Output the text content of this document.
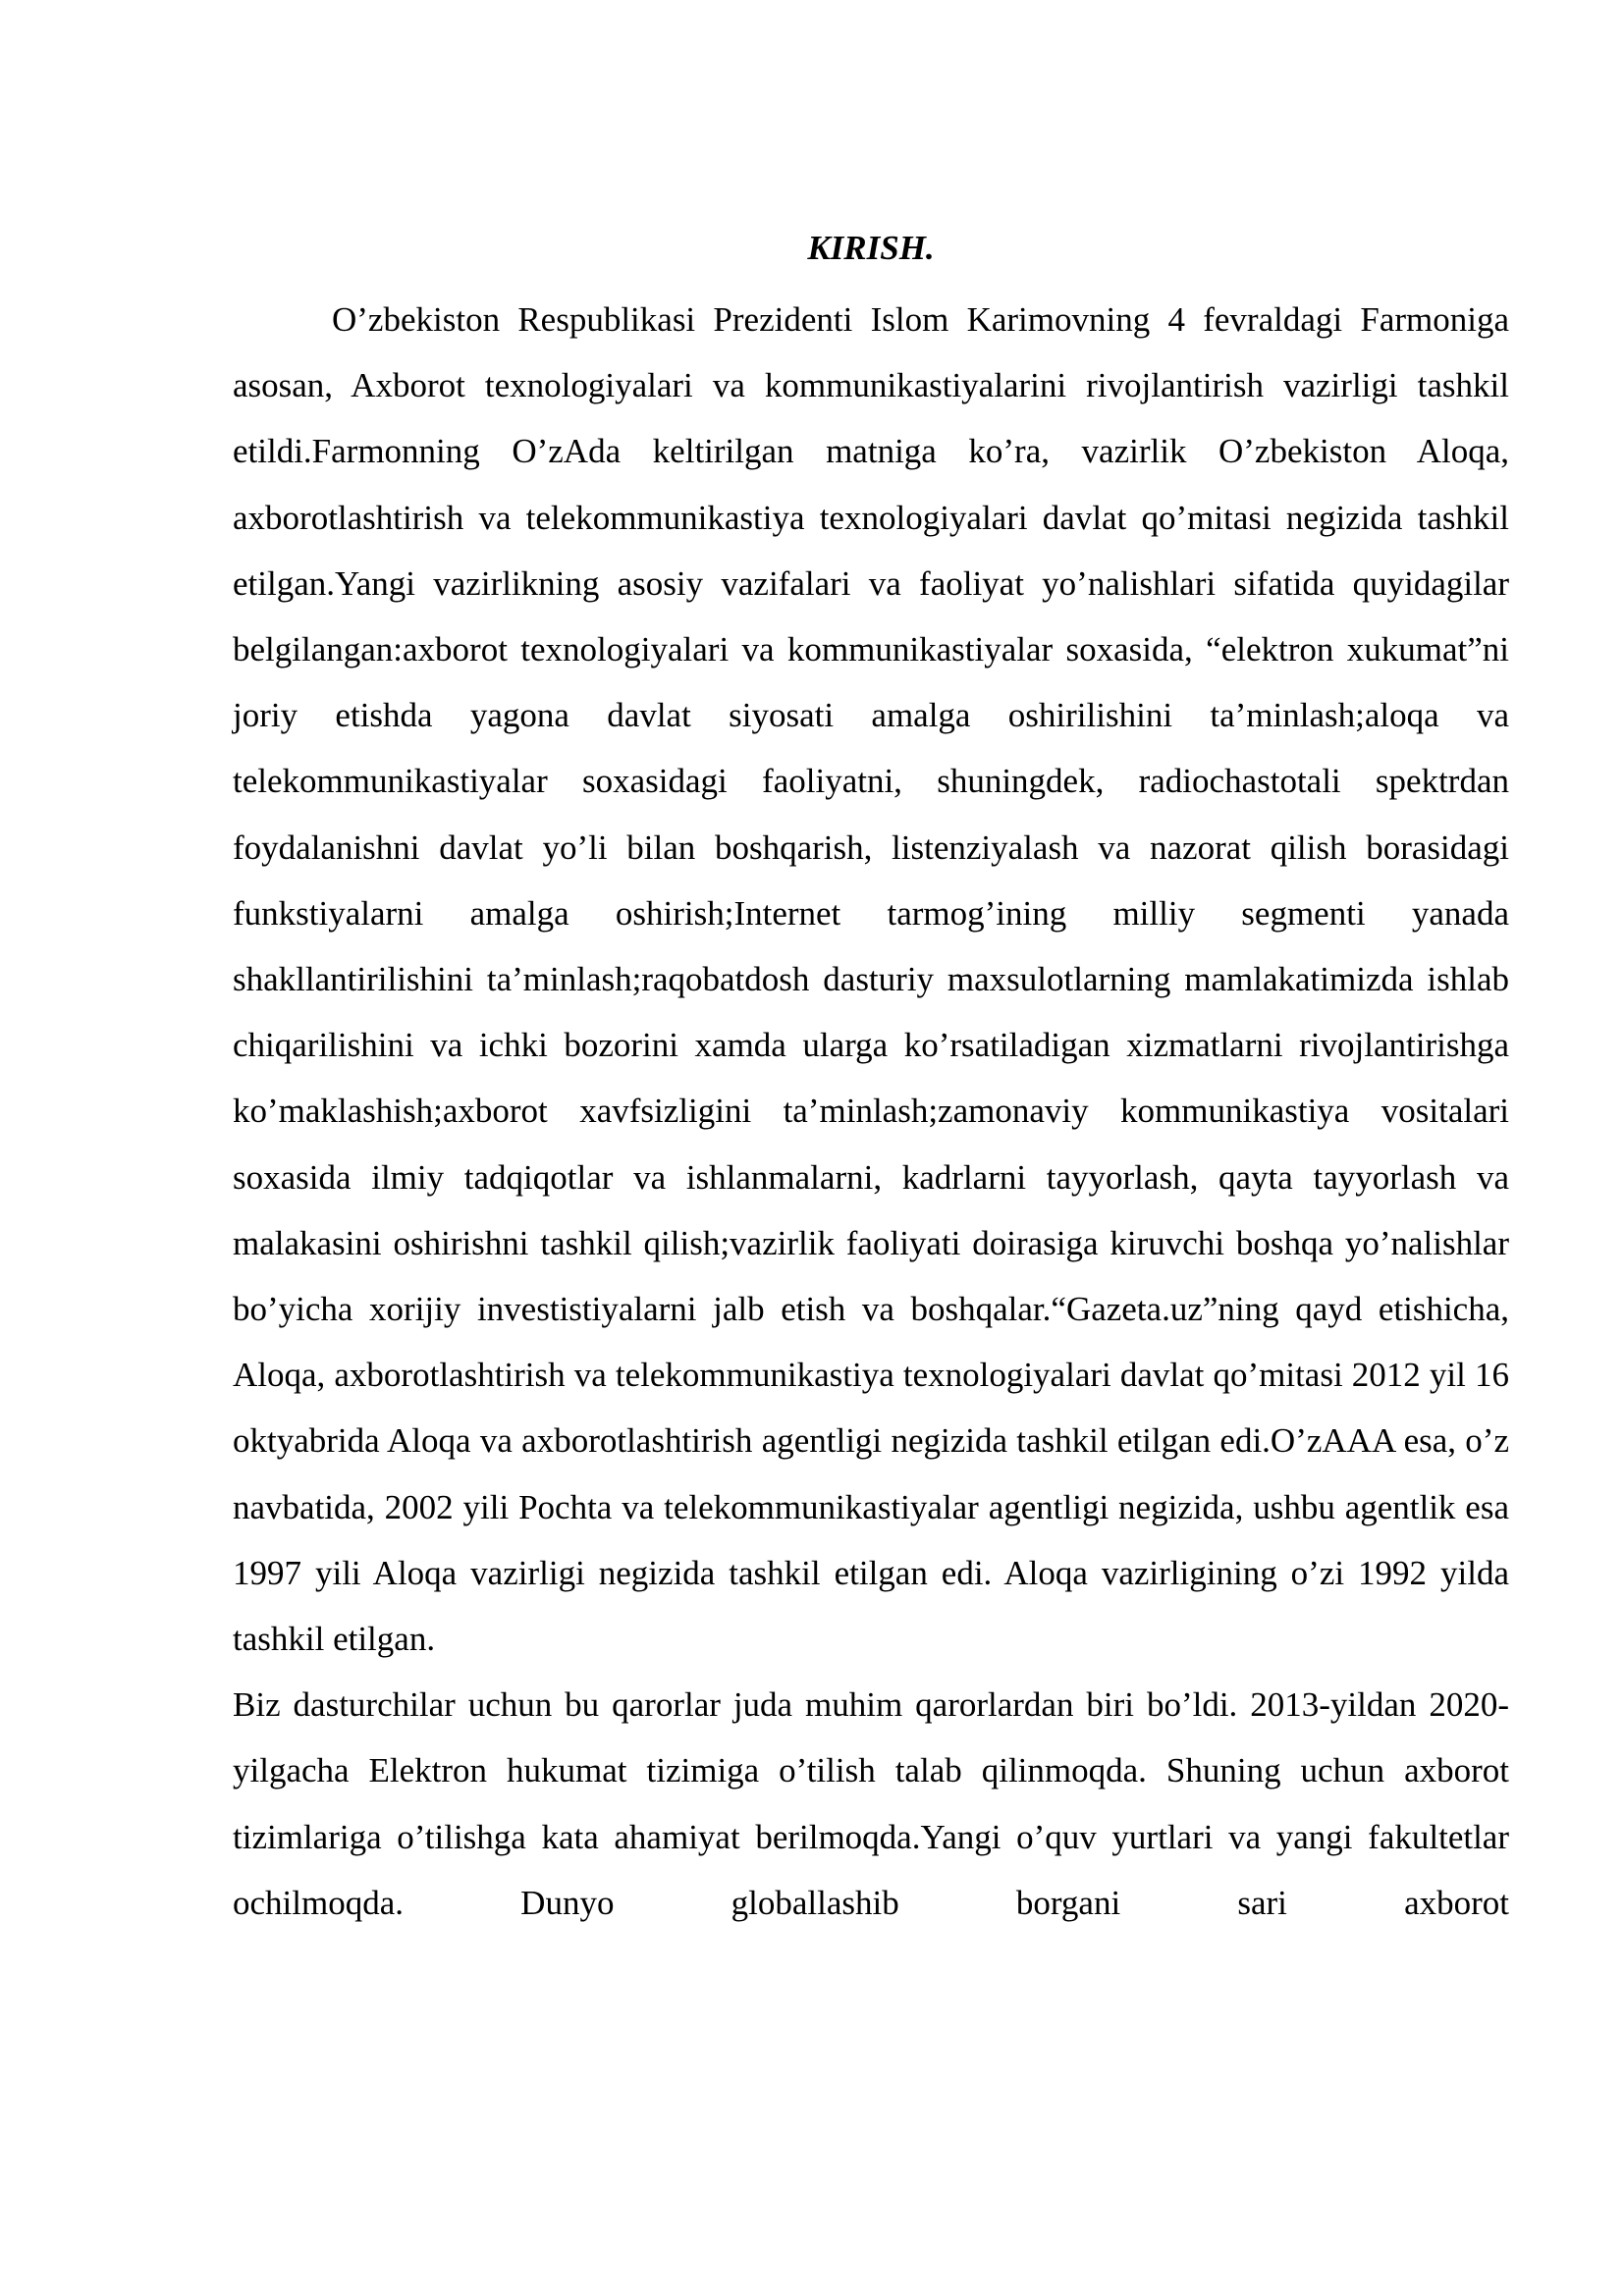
KIRISH.

O’zbekiston Respublikasi Prezidenti Islom Karimovning 4 fevraldagi Farmoniga asosan, Axborot texnologiyalari va kommunikastiyalarini rivojlantirish vazirligi tashkil etildi.Farmonning O’zAda keltirilgan matniga ko’ra, vazirlik O’zbekiston Aloqa, axborotlashtirish va telekommunikastiya texnologiyalari davlat qo’mitasi negizida tashkil etilgan.Yangi vazirlikning asosiy vazifalari va faoliyat yo’nalishlari sifatida quyidagilar belgilangan:axborot texnologiyalari va kommunikastiyalar soxasida, “elektron xukumat”ni joriy etishda yagona davlat siyosati amalga oshirilishini ta’minlash;aloqa va telekommunikastiyalar soxasidagi faoliyatni, shuningdek, radiochastotali spektrdan foydalanishni davlat yo’li bilan boshqarish, listenziyalash va nazorat qilish borasidagi funkstiyalarni amalga oshirish;Internet tarmog’ining milliy segmenti yanada shakllantirilishini ta’minlash;raqobatdosh dasturiy maxsulotlarning mamlakatimizda ishlab chiqarilishini va ichki bozorini xamda ularga ko’rsatiladigan xizmatlarni rivojlantirishga ko’maklashish;axborot xavfsizligini ta’minlash;zamonaviy kommunikastiya vositalari soxasida ilmiy tadqiqotlar va ishlanmalarni, kadrlarni tayyorlash, qayta tayyorlash va malakasini oshirishni tashkil qilish;vazirlik faoliyati doirasiga kiruvchi boshqa yo’nalishlar bo’yicha xorijiy investistiyalarni jalb etish va boshqalar.“Gazeta.uz”ning qayd etishicha, Aloqa, axborotlashtirish va telekommunikastiya texnologiyalari davlat qo’mitasi 2012 yil 16 oktyabrida Aloqa va axborotlashtirish agentligi negizida tashkil etilgan edi.O’zAAA esa, o’z navbatida, 2002 yili Pochta va telekommunikastiyalar agentligi negizida, ushbu agentlik esa 1997 yili Aloqa vazirligi negizida tashkil etilgan edi. Aloqa vazirligining o’zi 1992 yilda tashkil etilgan.

Biz dasturchilar uchun bu qarorlar juda muhim qarorlardan biri bo’ldi. 2013-yildan 2020-yilgacha Elektron hukumat tizimiga o’tilish talab qilinmoqda. Shuning uchun axborot tizimlariga o’tilishga kata ahamiyat berilmoqda.Yangi o’quv yurtlari va yangi fakultetlar ochilmoqda. Dunyo globallashib borgani sari axborot
